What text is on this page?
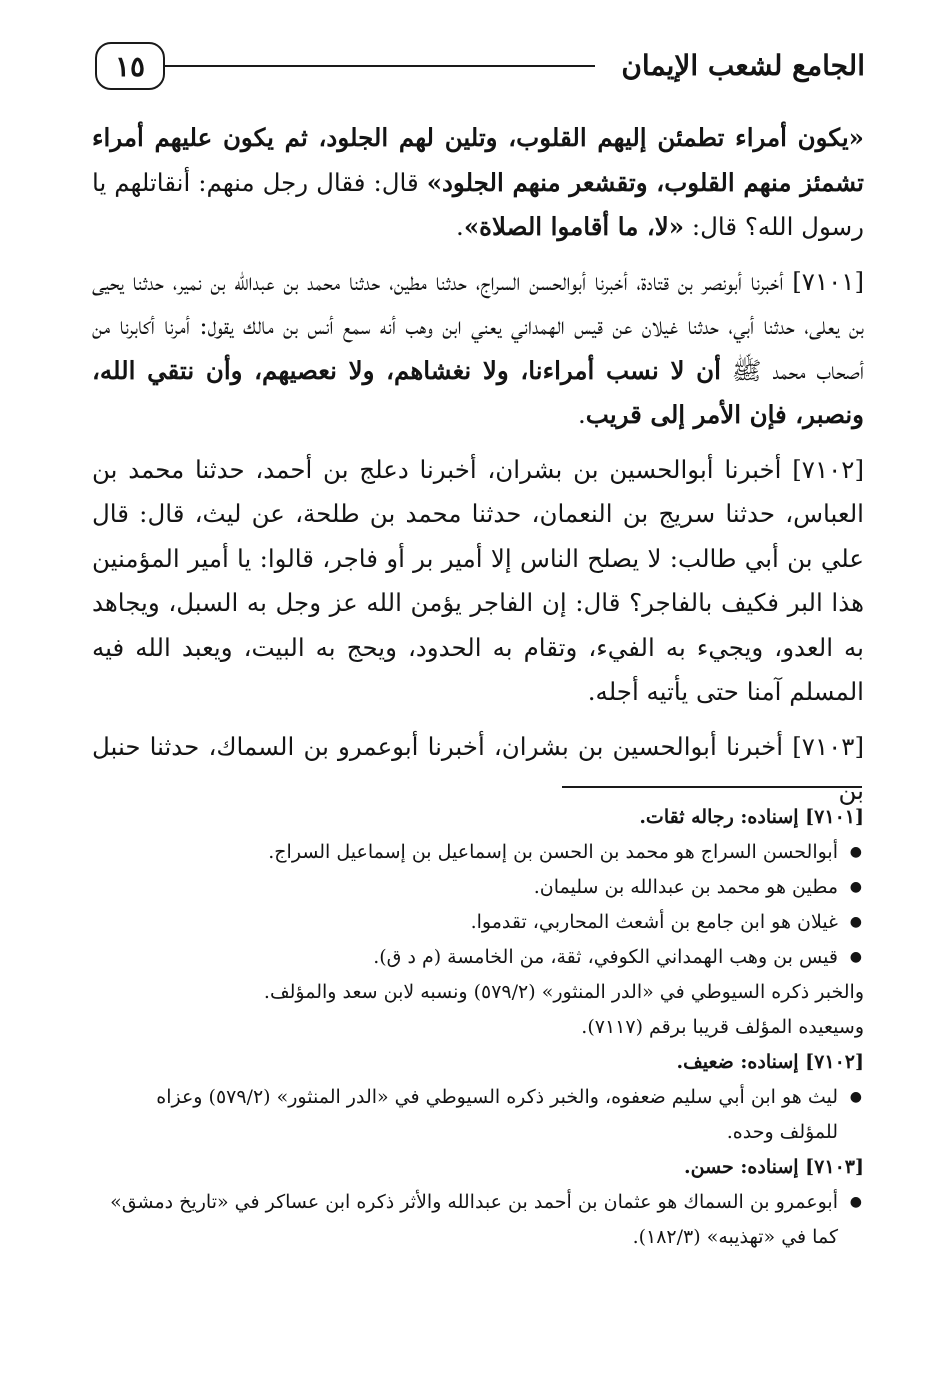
١٥	الجامع لشعب الإيمان

«يكون أمراء تطمئن إليهم القلوب، وتلين لهم الجلود، ثم يكون عليهم أمراء تشمئز منهم القلوب، وتقشعر منهم الجلود» قال: فقال رجل منهم: أنقاتلهم يا رسول الله؟ قال: «لا، ما أقاموا الصلاة».

[٧١٠١] أخبرنا أبونصر بن قتادة، أخبرنا أبوالحسن السراج، حدثنا مطين، حدثنا محمد بن عبدالله بن نمير، حدثنا يحيى بن يعلى، حدثنا أبي، حدثنا غيلان عن قيس الهمداني يعني ابن وهب أنه سمع أنس بن مالك يقول: أمرنا أكابرنا من أصحاب محمد ﷺ أن لا نسب أمراءنا، ولا نغشاهم، ولا نعصيهم، وأن نتقي الله، ونصبر، فإن الأمر إلى قريب.

[٧١٠٢] أخبرنا أبوالحسين بن بشران، أخبرنا دعلج بن أحمد، حدثنا محمد بن العباس، حدثنا سريج بن النعمان، حدثنا محمد بن طلحة، عن ليث، قال: قال علي بن أبي طالب: لا يصلح الناس إلا أمير بر أو فاجر، قالوا: يا أمير المؤمنين هذا البر فكيف بالفاجر؟ قال: إن الفاجر يؤمن الله عز وجل به السبل، ويجاهد به العدو، ويجيء به الفيء، وتقام به الحدود، ويحج به البيت، ويعبد الله فيه المسلم آمنا حتى يأتيه أجله.

[٧١٠٣] أخبرنا أبوالحسين بن بشران، أخبرنا أبوعمرو بن السماك، حدثنا حنبل بن

[٧١٠١] إسناده: رجاله ثقات.

● أبوالحسن السراج هو محمد بن الحسن بن إسماعيل بن إسماعيل السراج.
● مطين هو محمد بن عبدالله بن سليمان.
● غيلان هو ابن جامع بن أشعث المحاربي، تقدموا.
● قيس بن وهب الهمداني الكوفي، ثقة، من الخامسة (م د ق).

والخبر ذكره السيوطي في «الدر المنثور» (٥٧٩/٢) ونسبه لابن سعد والمؤلف.

وسيعيده المؤلف قريبا برقم (٧١١٧).

[٧١٠٢] إسناده: ضعيف.

● ليث هو ابن أبي سليم ضعفوه، والخبر ذكره السيوطي في «الدر المنثور» (٥٧٩/٢) وعزاه للمؤلف وحده.

[٧١٠٣] إسناده: حسن.

● أبوعمرو بن السماك هو عثمان بن أحمد بن عبدالله والأثر ذكره ابن عساكر في «تاريخ دمشق» كما في «تهذيبه» (١٨٢/٣).
